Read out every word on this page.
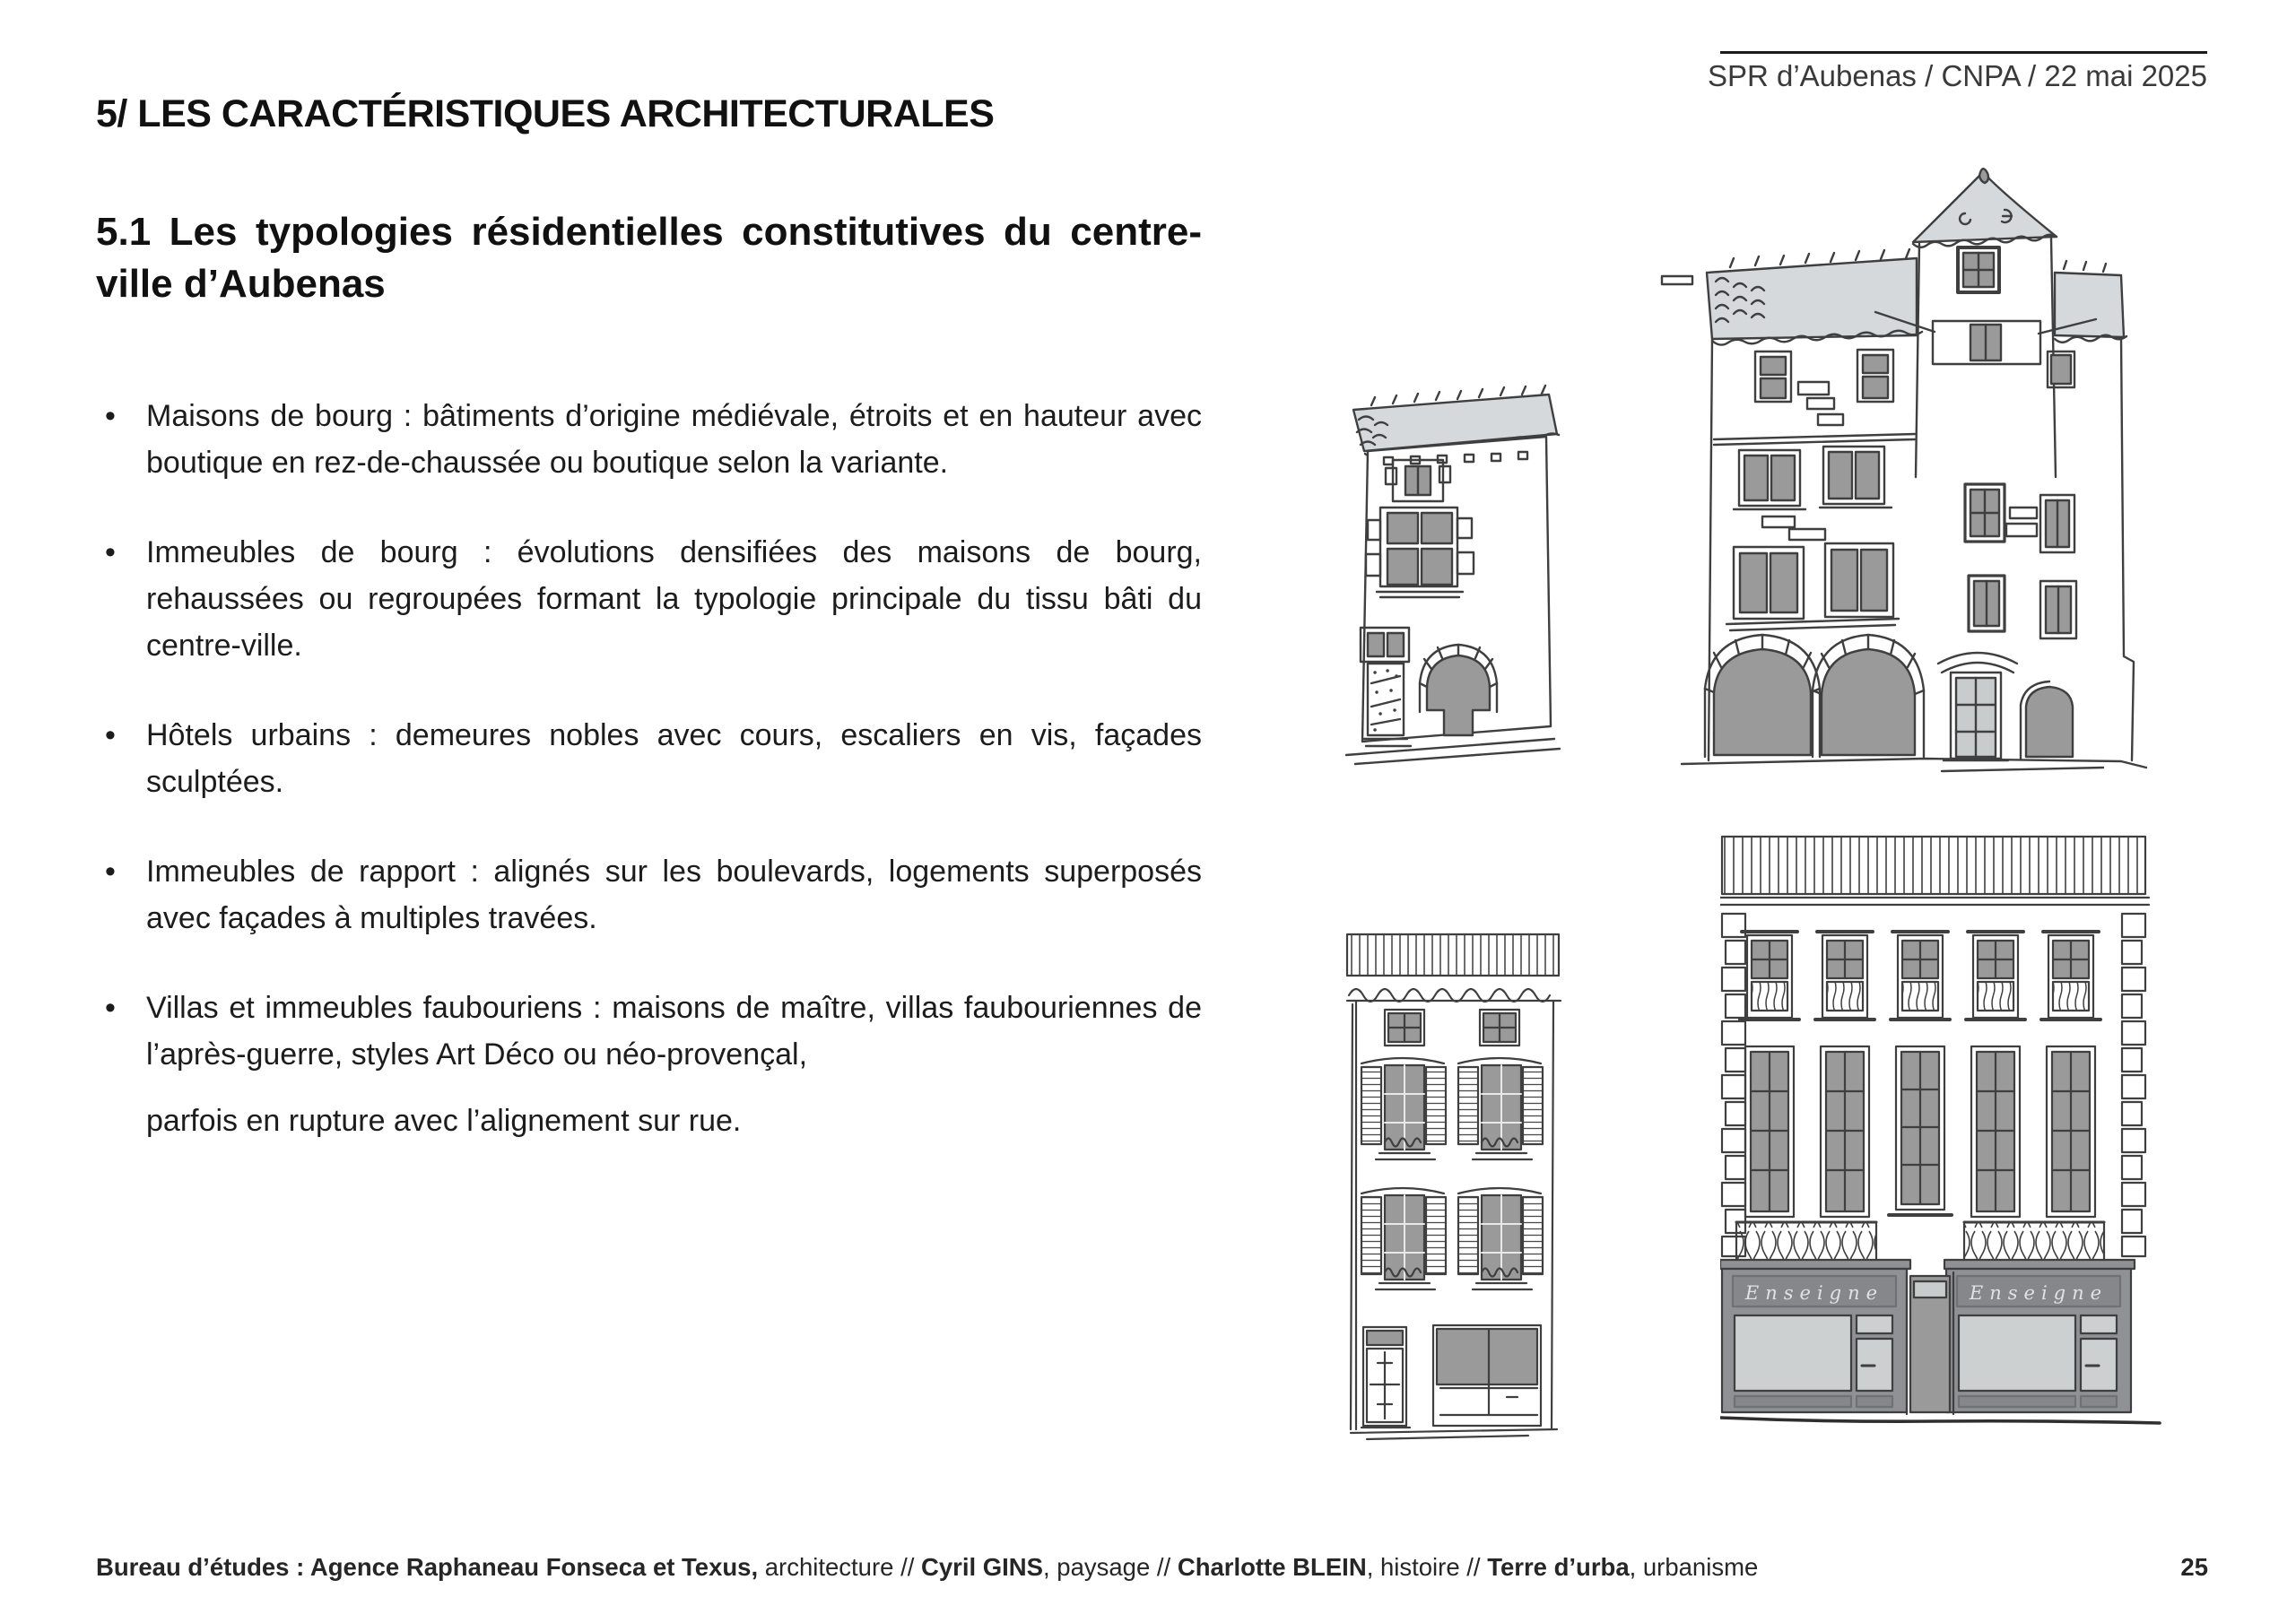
SPR d’Aubenas / CNPA / 22 mai 2025
5/ LES CARACTÉRISTIQUES ARCHITECTURALES
5.1 Les typologies résidentielles constitutives du centre-ville d’Aubenas
• Maisons de bourg : bâtiments d’origine médiévale, étroits et en hauteur avec boutique en rez-de-chaussée ou boutique selon la variante.
• Immeubles de bourg : évolutions densifiées des maisons de bourg, rehaussées ou regroupées formant la typologie principale du tissu bâti du centre-ville.
• Hôtels urbains : demeures nobles avec cours, escaliers en vis, façades sculptées.
• Immeubles de rapport : alignés sur les boulevards, logements superposés avec façades à multiples travées.
• Villas et immeubles faubouriens : maisons de maître, villas faubouriennes de l’après-guerre, styles Art Déco ou néo-provençal,
parfois en rupture avec l’alignement sur rue.
Enseigne	Enseigne
Bureau d’études : Agence Raphaneau Fonseca et Texus, architecture // Cyril GINS, paysage // Charlotte BLEIN, histoire // Terre d’urba, urbanisme	25
